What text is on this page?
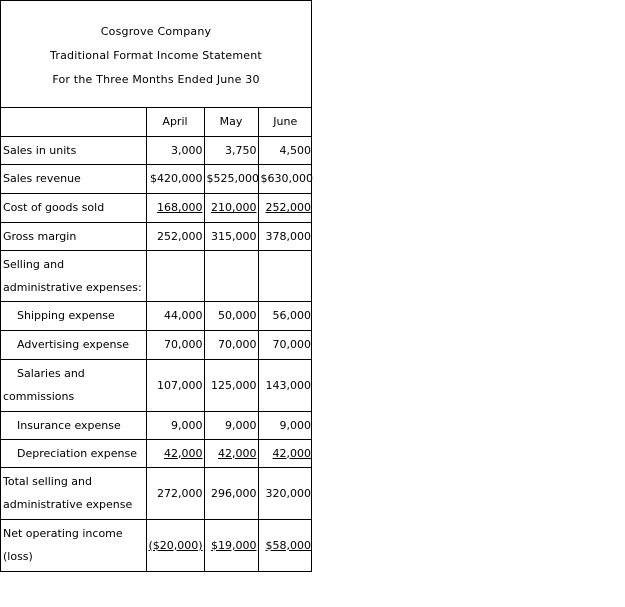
Cosgrove Company
Traditional Format Income Statement
For the Three Months Ended June 30
	April	May	June
Sales in units	3,000	3,750	4,500
Sales revenue	$420,000	$525,000	$630,000
Cost of goods sold	168,000	210,000	252,000
Gross margin	252,000	315,000	378,000
Selling and
administrative expenses:			
Shipping expense	44,000	50,000	56,000
Advertising expense	70,000	70,000	70,000
Salaries and
commissions	107,000	125,000	143,000
Insurance expense	9,000	9,000	9,000
Depreciation expense	42,000	42,000	42,000
Total selling and
administrative expense	272,000	296,000	320,000
Net operating income
(loss)	($20,000)	$19,000	$58,000
